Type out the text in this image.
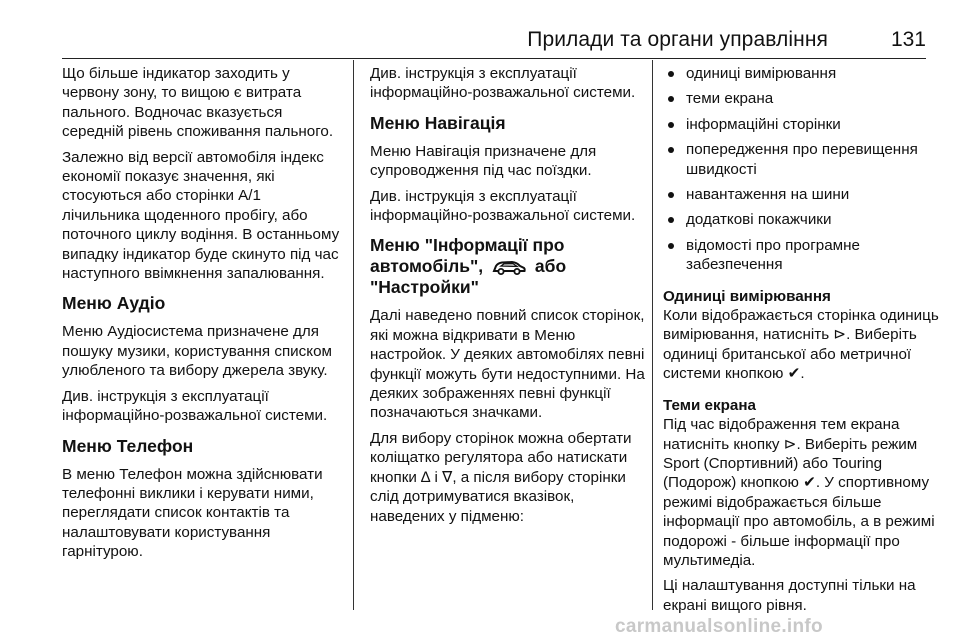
Прилади та органи управління	131

Що більше індикатор заходить у червону зону, то вищою є витрата пального. Водночас вказується середній рівень споживання пального.

Залежно від версії автомобіля індекс економії показує значення, які стосуються або сторінки A/1 лічильника щоденного пробігу, або поточного циклу водіння. В останньому випадку індикатор буде скинуто під час наступного ввімкнення запалювання.

Меню Аудіо

Меню Аудіосистема призначене для пошуку музики, користування списком улюбленого та вибору джерела звуку.

Див. інструкція з експлуатації інформаційно-розважальної системи.

Меню Телефон

В меню Телефон можна здійснювати телефонні виклики і керувати ними, переглядати список контактів та налаштовувати користування гарнітурою.

Див. інструкція з експлуатації інформаційно-розважальної системи.

Меню Навігація

Меню Навігація призначене для супроводження під час поїздки.

Див. інструкція з експлуатації інформаційно-розважальної системи.

Меню "Інформації про автомобіль",	або
"Настройки"

Далі наведено повний список сторінок, які можна відкривати в Меню настройок. У деяких автомобілях певні функції можуть бути недоступними. На деяких зображеннях певні функції позначаються значками.

Для вибору сторінок можна обертати коліщатко регулятора або натискати кнопки ∆ і ∇, а після вибору сторінки слід дотримуватися вказівок, наведених у підменю:

одиниці вимірювання
теми екрана
інформаційні сторінки
попередження про перевищення швидкості
навантаження на шини
додаткові покажчики
відомості про програмне забезпечення
Одиниці вимірювання

Коли відображається сторінка одиниць вимірювання, натисніть ⊳. Виберіть одиниці британської або метричної системи кнопкою ✔.

Теми екрана

Під час відображення тем екрана натисніть кнопку ⊳. Виберіть режим Sport (Спортивний) або Touring (Подорож) кнопкою ✔. У спортивному режимі відображається більше інформації про автомобіль, а в режимі подорожі - більше інформації про мультимедіа.

Ці налаштування доступні тільки на екрані вищого рівня.

carmanualsonline.info
